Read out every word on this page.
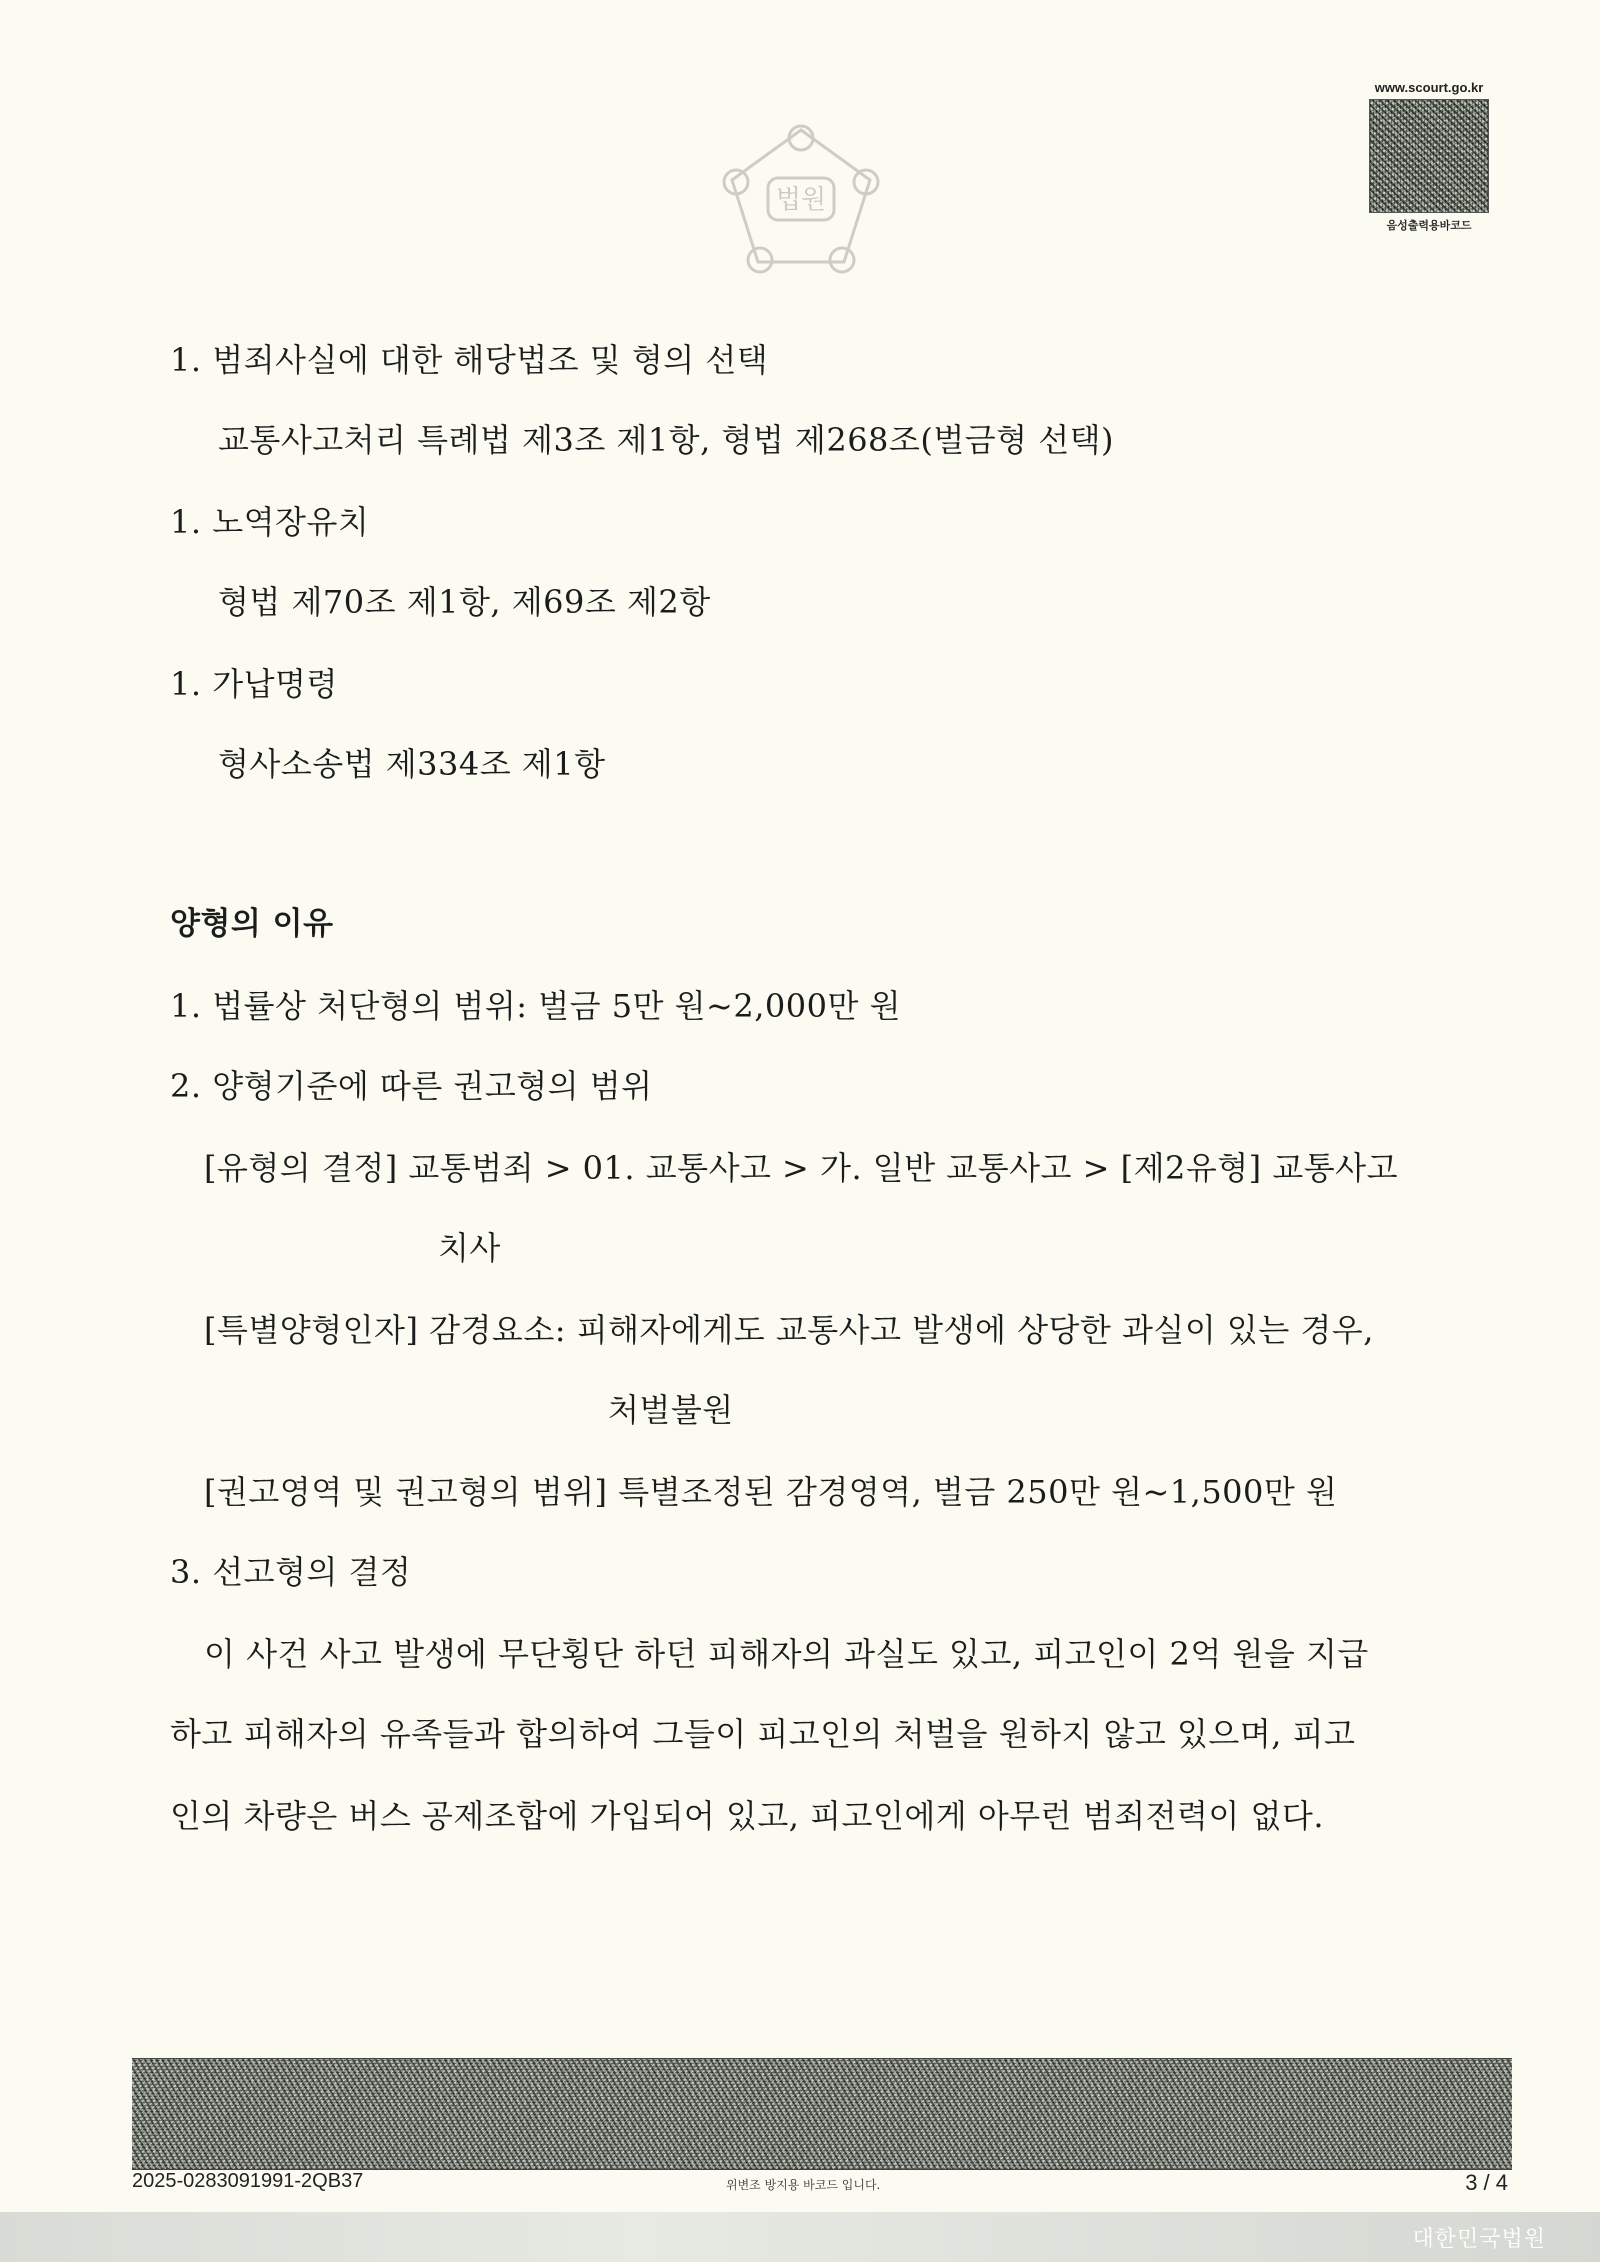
법원
www.scourt.go.kr
음성출력용바코드
1. 범죄사실에 대한 해당법조 및 형의 선택
교통사고처리 특례법 제3조 제1항, 형법 제268조(벌금형 선택)
1. 노역장유치
형법 제70조 제1항, 제69조 제2항
1. 가납명령
형사소송법 제334조 제1항
양형의 이유
1. 법률상 처단형의 범위: 벌금 5만 원~2,000만 원
2. 양형기준에 따른 권고형의 범위
[유형의 결정] 교통범죄 > 01. 교통사고 > 가. 일반 교통사고 > [제2유형] 교통사고
치사
[특별양형인자] 감경요소: 피해자에게도 교통사고 발생에 상당한 과실이 있는 경우,
처벌불원
[권고영역 및 권고형의 범위] 특별조정된 감경영역, 벌금 250만 원~1,500만 원
3. 선고형의 결정
이 사건 사고 발생에 무단횡단 하던 피해자의 과실도 있고, 피고인이 2억 원을 지급
하고 피해자의 유족들과 합의하여 그들이 피고인의 처벌을 원하지 않고 있으며, 피고
인의 차량은 버스 공제조합에 가입되어 있고, 피고인에게 아무런 범죄전력이 없다.
2025-0283091991-2QB37	위변조 방지용 바코드 입니다.	3 / 4
대한민국법원
